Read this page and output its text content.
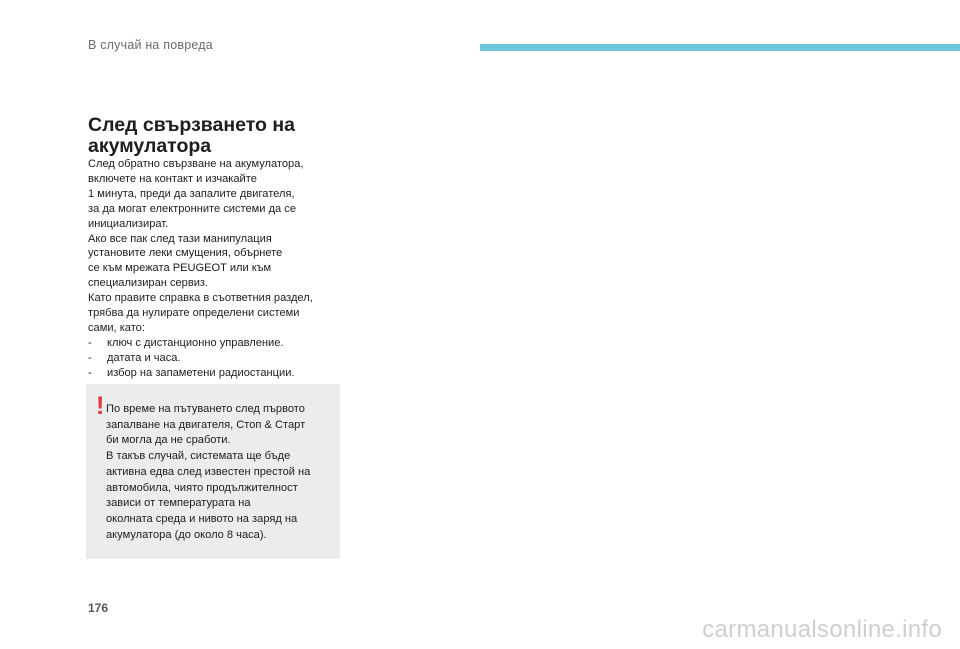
В случай на повреда
След свързването на
акумулатора

След обратно свързване на акумулатора,

включете на контакт и изчакайте

1 минута, преди да запалите двигателя,

за да могат електронните системи да се

инициализират.

Ако все пак след тази манипулация

установите леки смущения, обърнете

се към мрежата PEUGEOT или към

специализиран сервиз.

Като правите справка в съответния раздел,

трябва да нулирате определени системи

сами, като:

-	ключ с дистанционно управление.
-	датата и часа.
-	избор на запаметени радиостанции.
! По време на пътуването след първото

запалване на двигателя, Стоп & Старт

би могла да не сработи.

В такъв случай, системата ще бъде

активна едва след известен престой на

автомобила, чиято продължителност

зависи от температурата на

околната среда и нивото на заряд на

акумулатора (до около 8 часа).

176
carmanualsonline.info
